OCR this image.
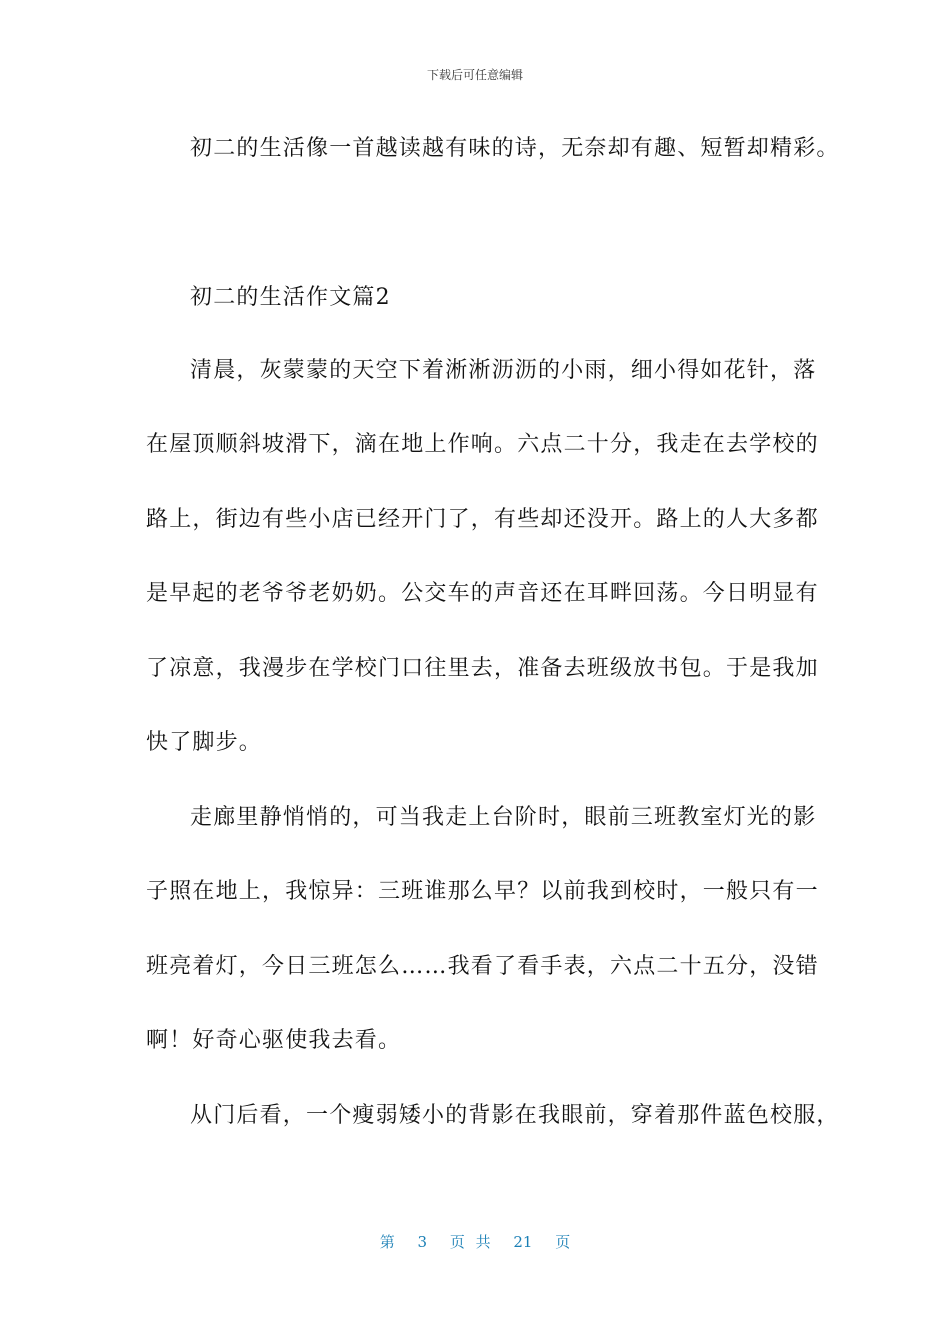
下载后可任意编辑
初二的生活像一首越读越有味的诗，无奈却有趣、短暂却精彩。
初二的生活作文篇2
清晨，灰蒙蒙的天空下着淅淅沥沥的小雨，细小得如花针，落
在屋顶顺斜坡滑下，滴在地上作响。六点二十分，我走在去学校的
路上，街边有些小店已经开门了，有些却还没开。路上的人大多都
是早起的老爷爷老奶奶。公交车的声音还在耳畔回荡。今日明显有
了凉意，我漫步在学校门口往里去，准备去班级放书包。于是我加
快了脚步。
走廊里静悄悄的，可当我走上台阶时，眼前三班教室灯光的影
子照在地上，我惊异：三班谁那么早？以前我到校时，一般只有一
班亮着灯，今日三班怎么……我看了看手表，六点二十五分，没错
啊！好奇心驱使我去看。
从门后看，一个瘦弱矮小的背影在我眼前，穿着那件蓝色校服，
第 3 页 共 21 页
